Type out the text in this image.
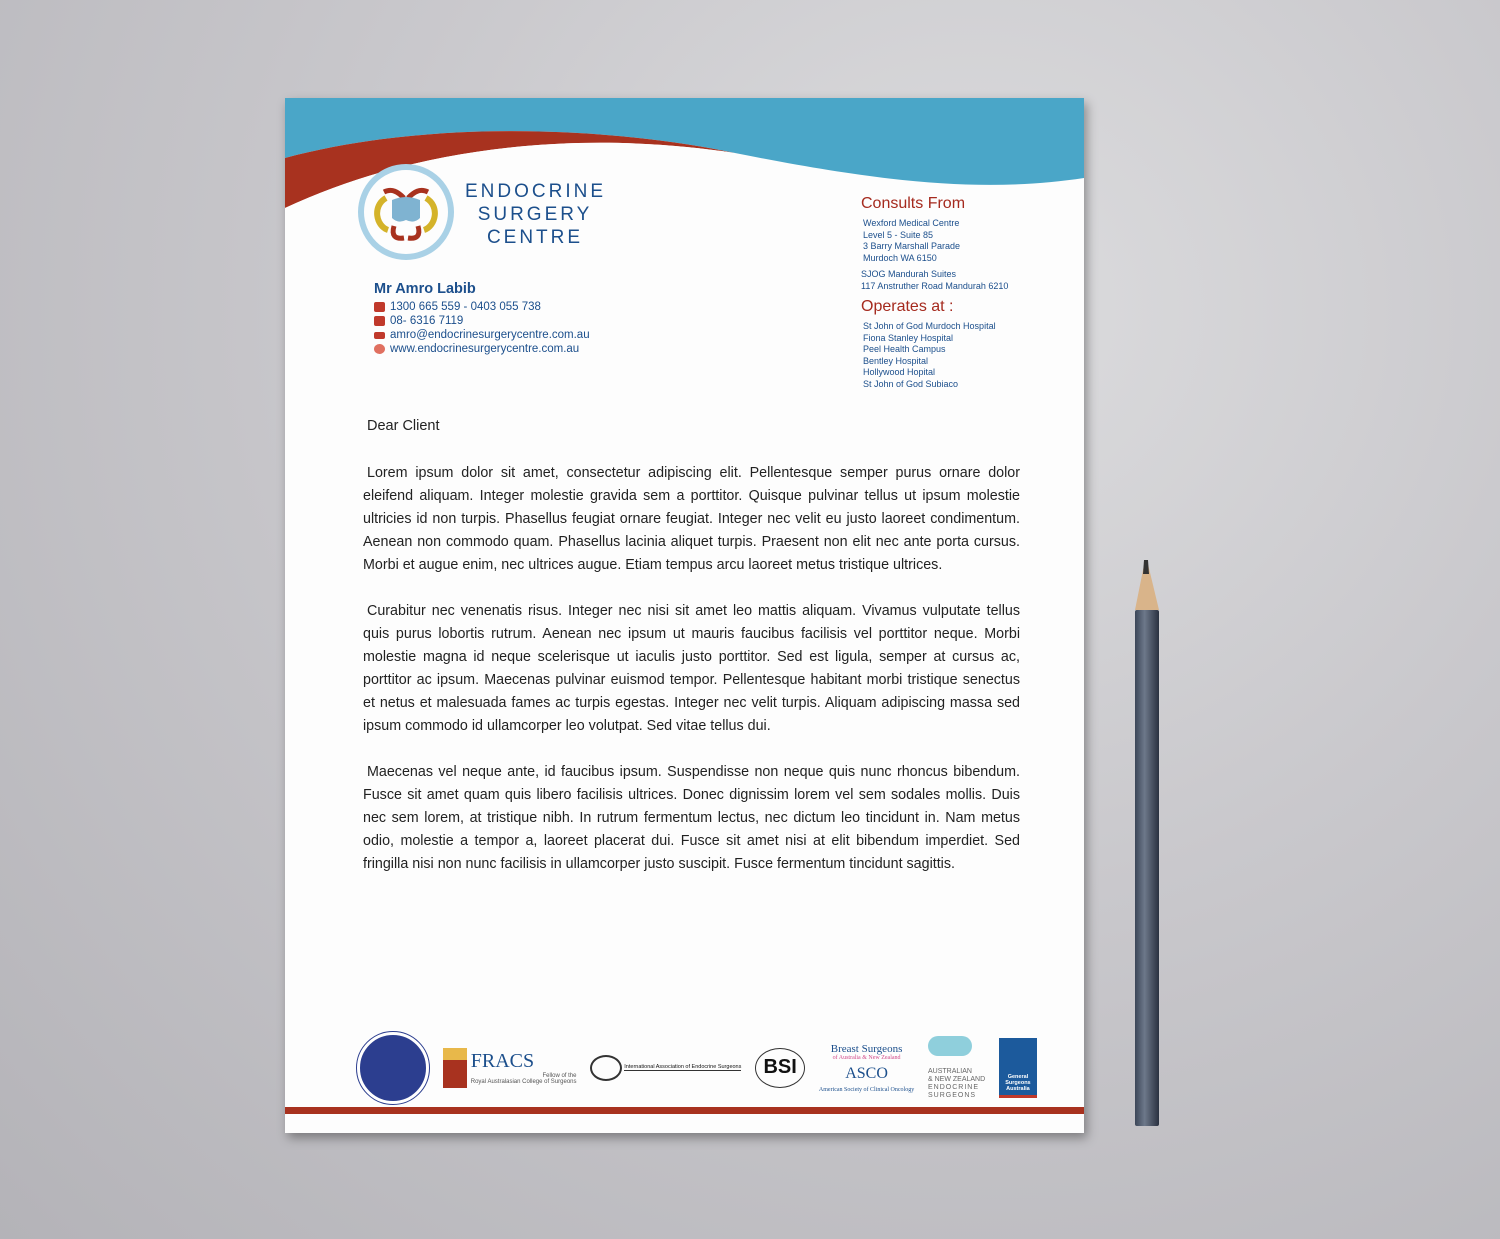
ENDOCRINE
SURGERY
CENTRE
Mr Amro Labib
1300 665 559 - 0403 055 738
08- 6316 7119
amro@endocrinesurgerycentre.com.au
www.endocrinesurgerycentre.com.au
Consults From
Wexford Medical Centre
Level 5 - Suite 85
3 Barry Marshall Parade
Murdoch WA 6150
SJOG Mandurah Suites
117 Anstruther Road Mandurah 6210
Operates at :
St John of God Murdoch Hospital
Fiona Stanley Hospital
Peel Health Campus
Bentley Hospital
Hollywood Hopital
St John of God Subiaco
Dear Client

Lorem ipsum dolor sit amet, consectetur adipiscing elit. Pellentesque semper purus ornare dolor eleifend aliquam. Integer molestie gravida sem a porttitor. Quisque pulvinar tellus ut ipsum molestie ultricies id non turpis. Phasellus feugiat ornare feugiat. Integer nec velit eu justo laoreet condimentum. Aenean non commodo quam. Phasellus lacinia aliquet turpis. Praesent non elit nec ante porta cursus. Morbi et augue enim, nec ultrices augue. Etiam tempus arcu laoreet metus tristique ultrices.

Curabitur nec venenatis risus. Integer nec nisi sit amet leo mattis aliquam. Vivamus vulputate tellus quis purus lobortis rutrum. Aenean nec ipsum ut mauris faucibus facilisis vel porttitor neque. Morbi molestie magna id neque scelerisque ut iaculis justo porttitor. Sed est ligula, semper at cursus ac, porttitor ac ipsum. Maecenas pulvinar euismod tempor. Pellentesque habitant morbi tristique senectus et netus et malesuada fames ac turpis egestas. Integer nec velit turpis. Aliquam adipiscing massa sed ipsum commodo id ullamcorper leo volutpat. Sed vitae tellus dui.

Maecenas vel neque ante, id faucibus ipsum. Suspendisse non neque quis nunc rhoncus bibendum. Fusce sit amet quam quis libero facilisis ultrices. Donec dignissim lorem vel sem sodales mollis. Duis nec sem lorem, at tristique nibh. In rutrum fermentum lectus, nec dictum leo tincidunt in. Nam metus odio, molestie a tempor a, laoreet placerat dui. Fusce sit amet nisi at elit bibendum imperdiet. Sed fringilla nisi non nunc facilisis in ullamcorper justo suscipit. Fusce fermentum tincidunt sagittis.

FRACS
Fellow of the
Royal Australasian College of Surgeons
International Association of Endocrine Surgeons	BSI
Breast Surgeons
of Australia & New Zealand
ASCO
American Society of Clinical Oncology
AUSTRALIAN
& NEW ZEALAND
ENDOCRINE
SURGEONS
General Surgeons Australia
